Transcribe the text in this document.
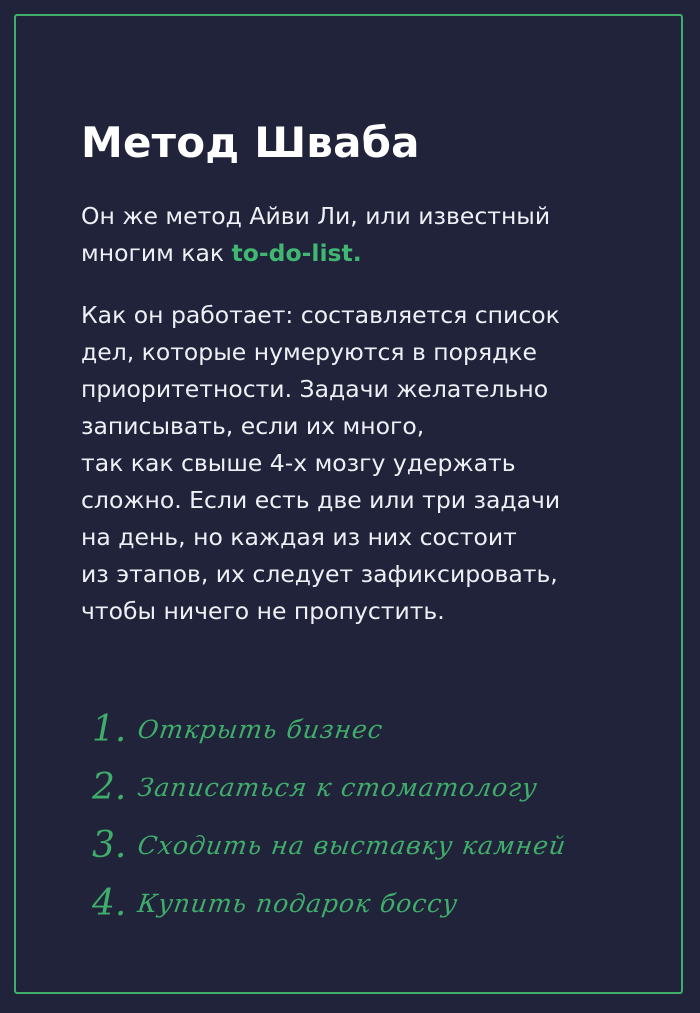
Метод Шваба

Он же метод Айви Ли, или известный
многим как to-do-list.

Как он работает: составляется список
дел, которые нумеруются в порядке
приоритетности. Задачи желательно
записывать, если их много,
так как свыше 4-х мозгу удержать
сложно. Если есть две или три задачи
на день, но каждая из них состоит
из этапов, их следует зафиксировать,
чтобы ничего не пропустить.

1. Открыть бизнес
2. Записаться к стоматологу
3. Сходить на выставку камней
4. Купить подарок боссу
